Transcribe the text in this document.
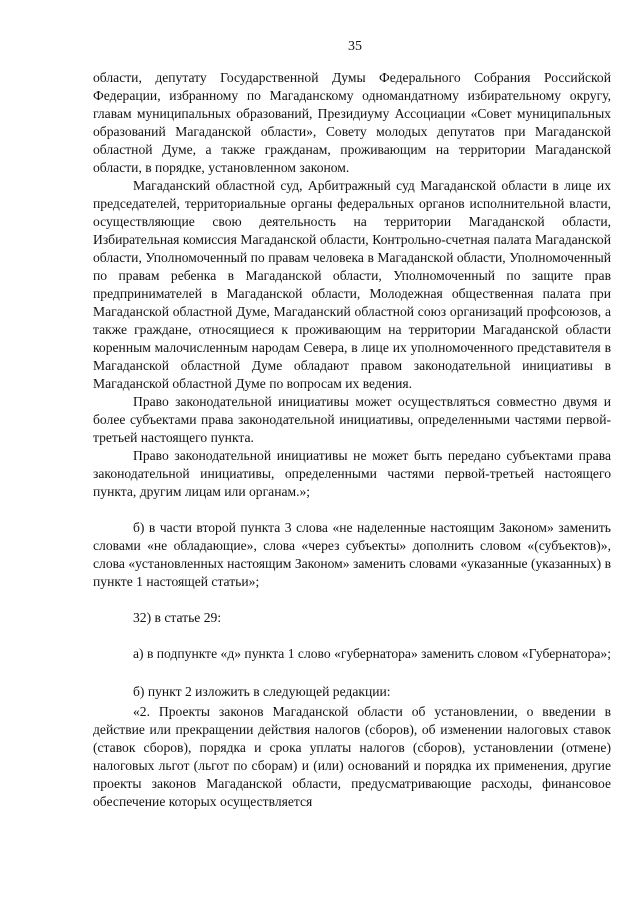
35

области, депутату Государственной Думы Федерального Собрания Российской Федерации, избранному по Магаданскому одномандатному избирательному округу, главам муниципальных образований, Президиуму Ассоциации «Совет муниципальных образований Магаданской области», Совету молодых депутатов при Магаданской областной Думе, а также гражданам, проживающим на территории Магаданской области, в порядке, установленном законом.

Магаданский областной суд, Арбитражный суд Магаданской области в лице их председателей, территориальные органы федеральных органов исполнительной власти, осуществляющие свою деятельность на территории Магаданской области, Избирательная комиссия Магаданской области, Контрольно-счетная палата Магаданской области, Уполномоченный по правам человека в Магаданской области, Уполномоченный по правам ребенка в Магаданской области, Уполномоченный по защите прав предпринимателей в Магаданской области, Молодежная общественная палата при Магаданской областной Думе, Магаданский областной союз организаций профсоюзов, а также граждане, относящиеся к проживающим на территории Магаданской области коренным малочисленным народам Севера, в лице их уполномоченного представителя в Магаданской областной Думе обладают правом законодательной инициативы в Магаданской областной Думе по вопросам их ведения.

Право законодательной инициативы может осуществляться совместно двумя и более субъектами права законодательной инициативы, определенными частями первой-третьей настоящего пункта.

Право законодательной инициативы не может быть передано субъектами права законодательной инициативы, определенными частями первой-третьей настоящего пункта, другим лицам или органам.»;

б) в части второй пункта 3 слова «не наделенные настоящим Законом» заменить словами «не обладающие», слова «через субъекты» дополнить словом «(субъектов)», слова «установленных настоящим Законом» заменить словами «указанные (указанных) в пункте 1 настоящей статьи»;

32) в статье 29:

а) в подпункте «д» пункта 1 слово «губернатора» заменить словом «Губернатора»;

б) пункт 2 изложить в следующей редакции:

«2. Проекты законов Магаданской области об установлении, о введении в действие или прекращении действия налогов (сборов), об изменении налоговых ставок (ставок сборов), порядка и срока уплаты налогов (сборов), установлении (отмене) налоговых льгот (льгот по сборам) и (или) оснований и порядка их применения, другие проекты законов Магаданской области, предусматривающие расходы, финансовое обеспечение которых осуществляется
